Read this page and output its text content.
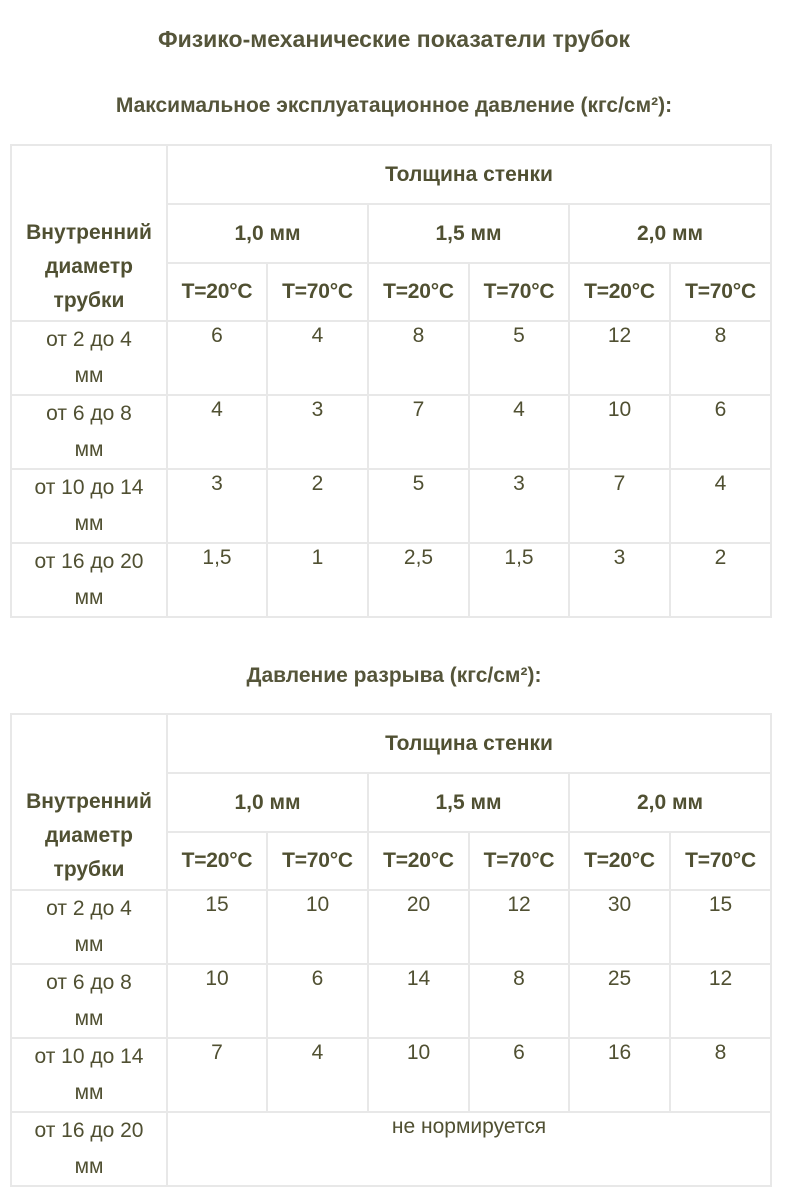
Физико-механические показатели трубок
Максимальное эксплуатационное давление (кгс/см²):
Внутренний
диаметр
трубки	Толщина стенки					
	1,0 мм		1,5 мм		2,0 мм	
	T=20°C	T=70°C	T=20°C	T=70°C	T=20°C	T=70°C

от 2 до 4
мм	6	4	8	5	12	8

от 6 до 8
мм	4	3	7	4	10	6

от 10 до 14
мм	3	2	5	3	7	4

от 16 до 20
мм	1,5	1	2,5	1,5	3	2
Давление разрыва (кгс/см²):
Внутренний
диаметр
трубки	Толщина стенки					
	1,0 мм		1,5 мм		2,0 мм	
	T=20°C	T=70°C	T=20°C	T=70°C	T=20°C	T=70°C

от 2 до 4
мм	15	10	20	12	30	15

от 6 до 8
мм	10	6	14	8	25	12

от 10 до 14
мм	7	4	10	6	16	8

от 16 до 20
мм	не нормируется					
